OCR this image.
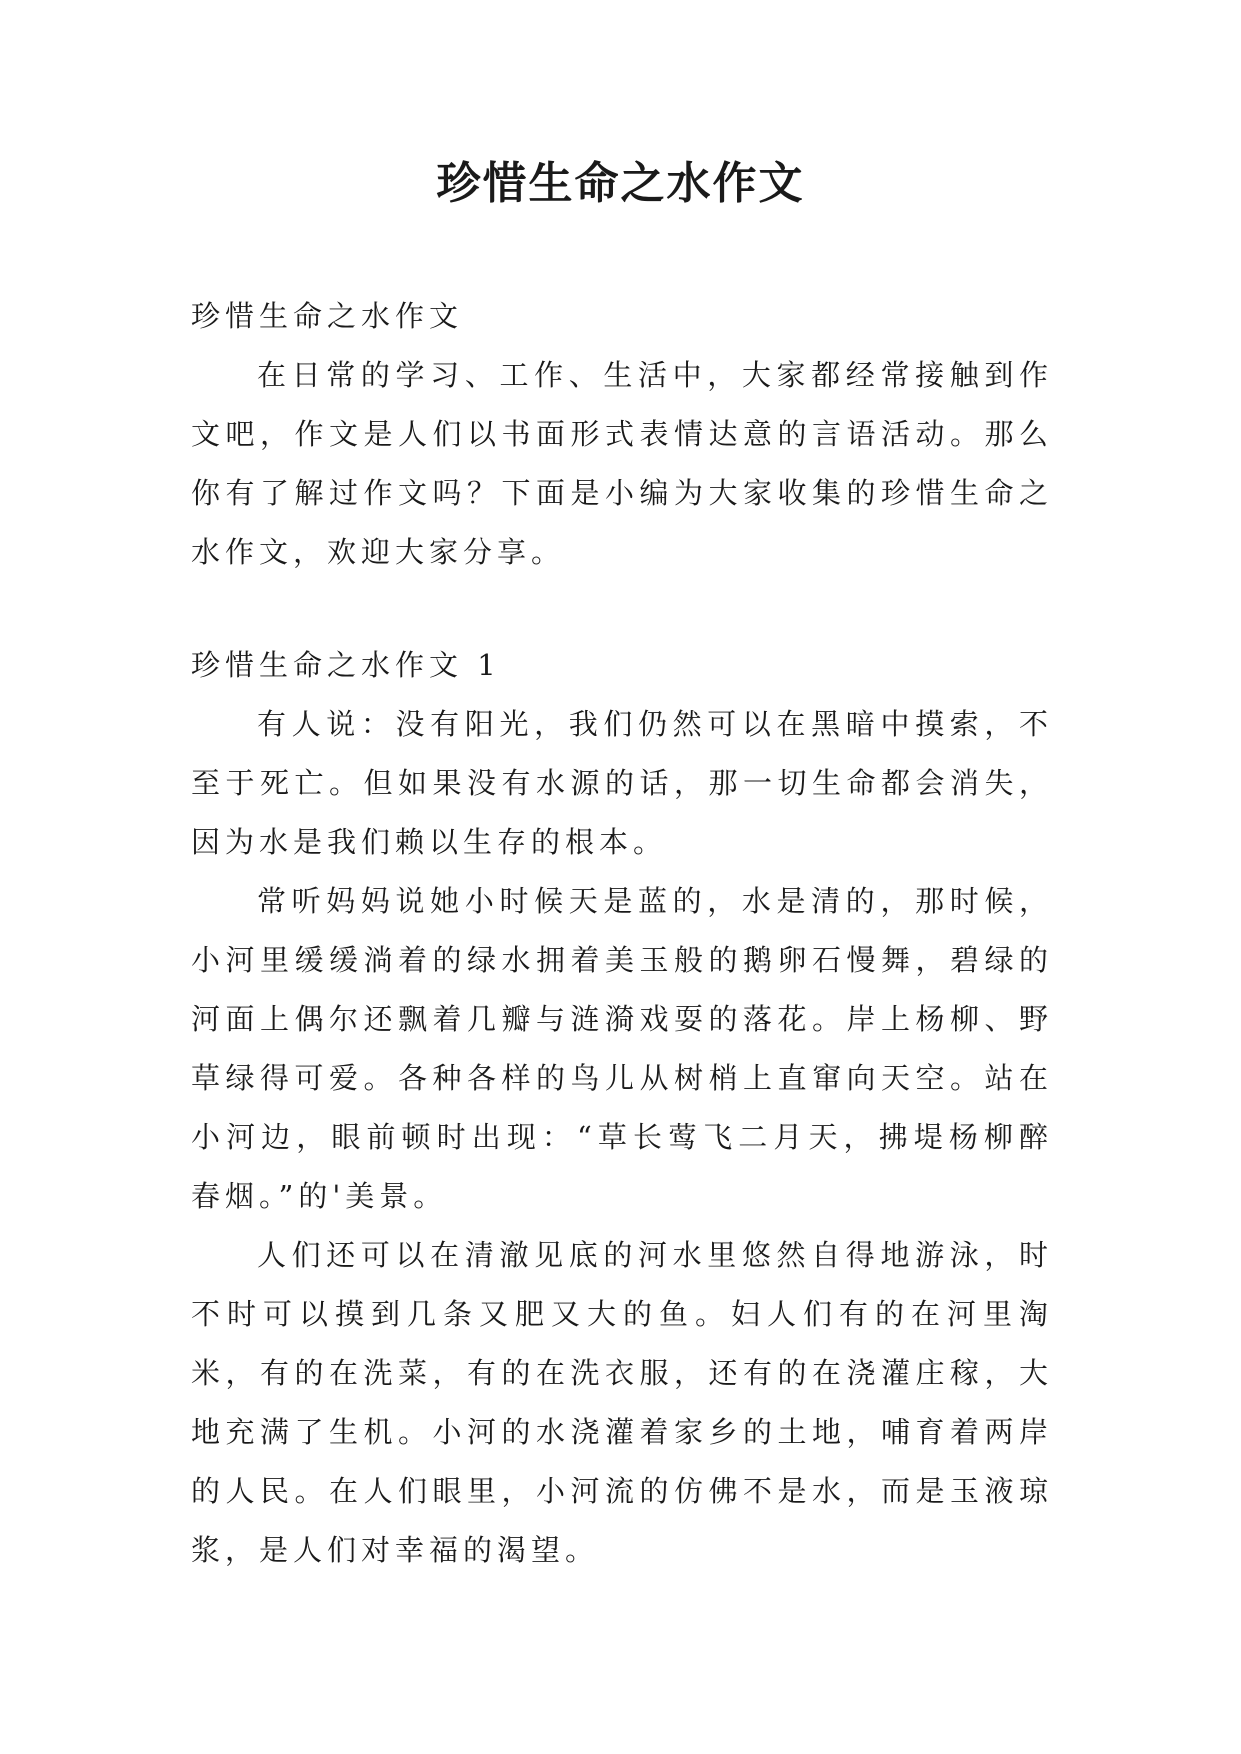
珍惜生命之水作文
珍惜生命之水作文

在日常的学习、工作、生活中，大家都经常接触到作文吧，作文是人们以书面形式表情达意的言语活动。那么你有了解过作文吗？下面是小编为大家收集的珍惜生命之水作文，欢迎大家分享。

珍惜生命之水作文 1

有人说：没有阳光，我们仍然可以在黑暗中摸索，不至于死亡。但如果没有水源的话，那一切生命都会消失，因为水是我们赖以生存的根本。

常听妈妈说她小时候天是蓝的，水是清的，那时候，小河里缓缓淌着的绿水拥着美玉般的鹅卵石慢舞，碧绿的河面上偶尔还飘着几瓣与涟漪戏耍的落花。岸上杨柳、野草绿得可爱。各种各样的鸟儿从树梢上直窜向天空。站在小河边，眼前顿时出现：“草长莺飞二月天，拂堤杨柳醉春烟。”的'美景。

人们还可以在清澈见底的河水里悠然自得地游泳，时不时可以摸到几条又肥又大的鱼。妇人们有的在河里淘米，有的在洗菜，有的在洗衣服，还有的在浇灌庄稼，大地充满了生机。小河的水浇灌着家乡的土地，哺育着两岸的人民。在人们眼里，小河流的仿佛不是水，而是玉液琼浆，是人们对幸福的渴望。
